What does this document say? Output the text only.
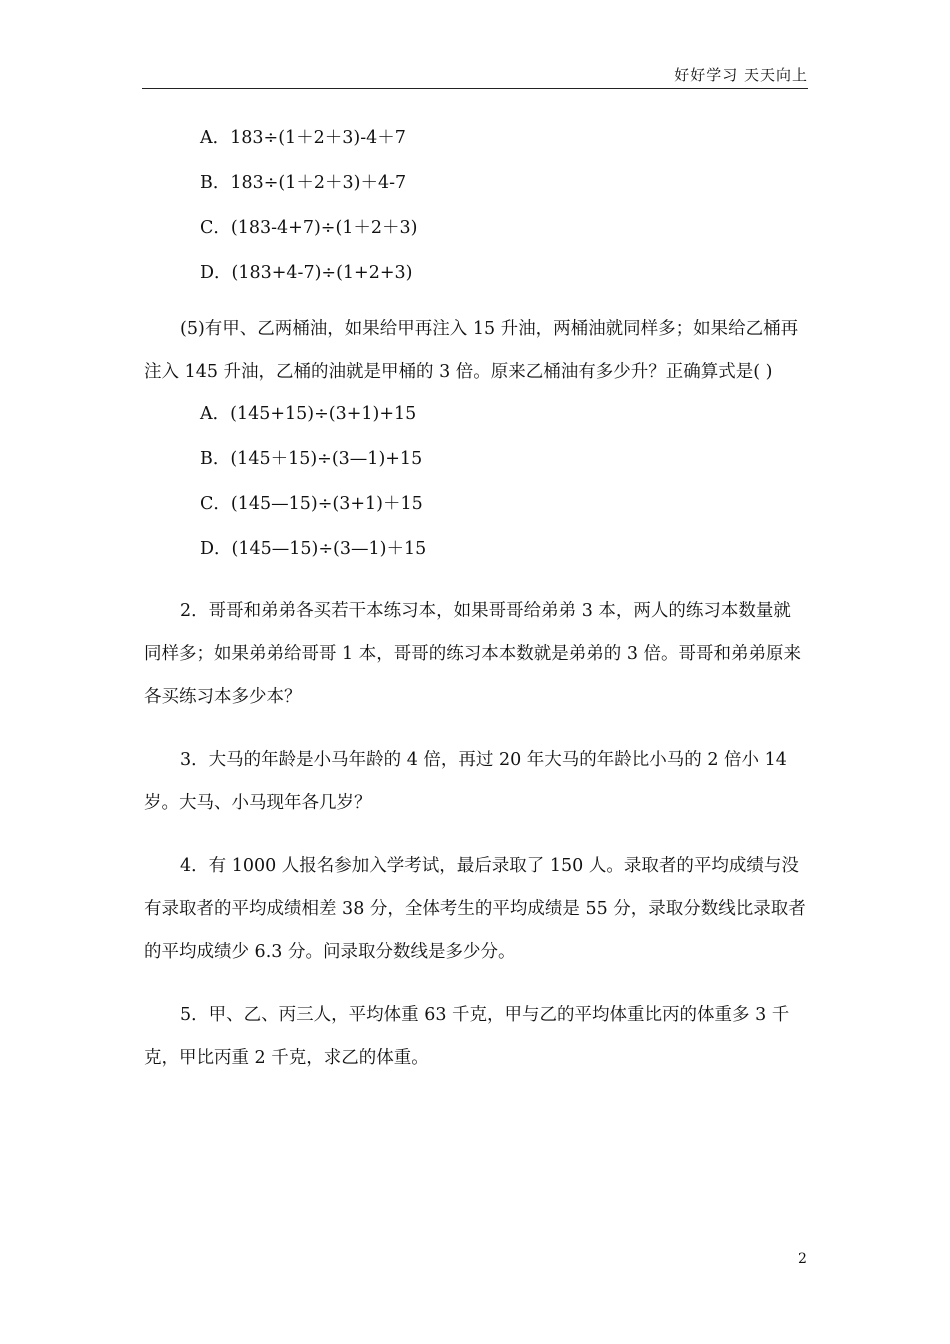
好好学习 天天向上
A．183÷(1＋2＋3)-4＋7
B．183÷(1＋2＋3)＋4-7
C．(183-4+7)÷(1＋2＋3)
D．(183+4-7)÷(1+2+3)

(5)有甲、乙两桶油，如果给甲再注入 15 升油，两桶油就同样多；如果给乙桶再注入 145 升油，乙桶的油就是甲桶的 3 倍。原来乙桶油有多少升？正确算式是( )

A．(145+15)÷(3+1)+15
B．(145＋15)÷(3—1)+15
C．(145—15)÷(3+1)＋15
D．(145—15)÷(3—1)＋15

2．哥哥和弟弟各买若干本练习本，如果哥哥给弟弟 3 本，两人的练习本数量就同样多；如果弟弟给哥哥 1 本，哥哥的练习本本数就是弟弟的 3 倍。哥哥和弟弟原来各买练习本多少本？

3．大马的年龄是小马年龄的 4 倍，再过 20 年大马的年龄比小马的 2 倍小 14 岁。大马、小马现年各几岁？

4．有 1000 人报名参加入学考试，最后录取了 150 人。录取者的平均成绩与没有录取者的平均成绩相差 38 分，全体考生的平均成绩是 55 分，录取分数线比录取者的平均成绩少 6.3 分。问录取分数线是多少分。

5．甲、乙、丙三人，平均体重 63 千克，甲与乙的平均体重比丙的体重多 3 千克，甲比丙重 2 千克，求乙的体重。

2
